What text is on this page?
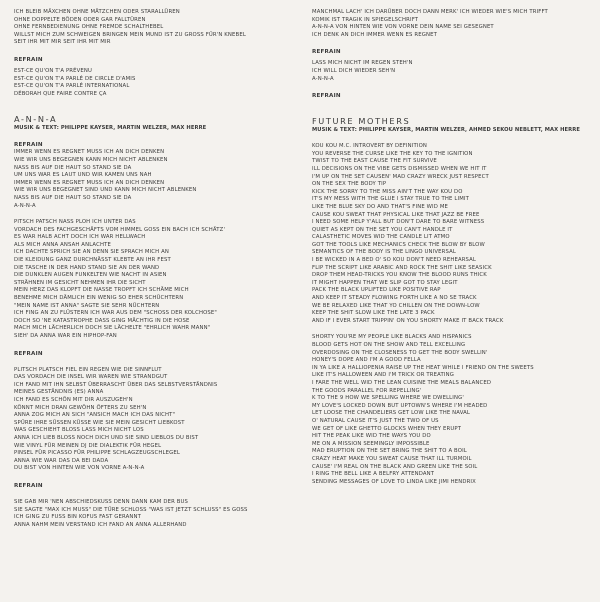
ICH BLEIB MÄXCHEN OHNE MÄTZCHEN ODER STARALLÜREN
OHNE DOPPELTE BÖDEN ODER GAR FALLTÜREN
OHNE FERNBEDIENUNG OHNE FREMDE SCHALTHEBEL
WILLST MICH ZUM SCHWEIGEN BRINGEN MEIN MUND IST ZU GROSS FÜR'N KNEBEL
SEIT IHR MIT MIR SEIT IHR MIT MIR
REFRAIN
EST-CE QU'ON T'A PRÉVENU
EST-CE QU'ON T'A PARLÉ DE CIRCLE D'AMIS
EST-CE QU'ON T'A PARLÉ INTERNATIONAL
DÉBORAH QUE FAIRE CONTRE ÇA
A-N-N-A
MUSIK & TEXT: PHILIPPE KAYSER, MARTIN WELZER, MAX HERRE
REFRAIN
IMMER WENN ES REGNET MUSS ICH AN DICH DENKEN
WIE WIR UNS BEGEGNEN KANN MICH NICHT ABLENKEN
NASS BIS AUF DIE HAUT SO STAND SIE DA
UM UNS WAR ES LAUT UND WIR KAMEN UNS NAH
IMMER WENN ES REGNET MUSS ICH AN DICH DENKEN
WIE WIR UNS BEGEGNET SIND UND KANN MICH NICHT ABLENKEN
NASS BIS AUF DIE HAUT SO STAND SIE DA
A-N-N-A
PITSCH PATSCH NASS PLOH ICH UNTER DAS
VORDACH DES FACHGESCHÄFTS VOM HIMMEL GOSS EIN BACH ICH SCHÄTZ'
ES WAR HALB ACHT DOCH ICH WAR HELLWACH
ALS MICH ANNA ANSAH ANLACHTE
ICH DACHTE SPRICH SIE AN DENN SIE SPRACH MICH AN
DIE KLEIDUNG GANZ DURCHNÄSST KLEBTE AN IHR FEST
DIE TASCHE IN DER HAND STAND SIE AN DER WAND
DIE DUNKLEN AUGEN FUNKELTEN WIE NACHT IN ASIEN
STRÄHNEN IM GESICHT NEHMEN IHR DIE SICHT
MEIN HERZ DAS KLOPFT DIE NASSE TROPFT ICH SCHÄME MICH
BENEHME MICH DÄMLICH EIN WENIG SO EHER SCHÜCHTERN
"MEIN NAME IST ANNA" SAGTE SIE SEHR NÜCHTERN
ICH FING AN ZU FLÜSTERN ICH WAR AUS DEM "SCHOSS DER KOLCHOSE"
DOCH SO 'NE KATASTROPHE DASS GING MÄCHTIG IN DIE HOSE
MACH MICH LÄCHERLICH DOCH SIE LÄCHELTE "EHRLICH WAHR MANN"
SIEH' DA ANNA WAR EIN HIPHOP-FAN
REFRAIN
PLITSCH PLATSCH FIEL EIN REGEN WIE DIE SINNFLUT
DAS VORDACH DIE INSEL WIR WAREN WIE STRANDGUT
ICH FAND MIT IHN SELBST ÜBERRASCHT ÜBER DAS SELBSTVERSTÄNDNIS
MEINES GESTÄNDNIS (ES) ANNA
ICH FAND ES SCHÖN MIT DIR AUSZUGEH'N
KÖNNT MICH DRAN GEWÖHN ÖFTERS ZU SEH'N
ANNA ZOG MICH AN SICH "ANSICH MACH ICH DAS NICHT"
SPÜRE IHRE SÜSSEN KÜSSE WIE SIE MEIN GESICHT LIEBKOST
WAS GESCHIEHT BLOSS LASS MICH NICHT LOS
ANNA ICH LIEB BLOSS NOCH DICH UND SIE SIND LIEBLOS DU BIST
WIE VINYL FÜR MEINEN DJ DIE DIALEKTIK FÜR HEGEL
PINSEL FÜR PICASSO FÜR PHILIPPE SCHLAGZEUGSCHLEGEL
ANNA WIE WAR DAS DA BEI DADA
DU BIST VON HINTEN WIE VON VORNE A-N-N-A
REFRAIN
SIE GAB MIR 'NEN ABSCHIEDSKUSS DENN DANN KAM DER BUS
SIE SAGTE "MAX ICH MUSS" DIE TÜRE SCHLOSS "WAS IST JETZT SCHLUSS" ES GOSS
ICH GING ZU FUSS BIN KOFUS FAST GERANNT
ANNA NAHM MEIN VERSTAND ICH FAND AN ANNA ALLERHAND
MANCHMAL LACH' ICH DARÜBER DOCH DANN MERK' ICH WIEDER WIE'S MICH TRIFFT
KOMIK IST TRAGIK IN SPIEGELSCHRIFT
A-N-N-A VON HINTEN WIE VON VORNE DEIN NAME SEI GESEGNET
ICH DENK AN DICH IMMER WENN ES REGNET
REFRAIN
LASS MICH NICHT IM REGEN STEH'N
ICH WILL DICH WIEDER SEH'N
A-N-N-A
REFRAIN
FUTURE MOTHERS
MUSIK & TEXT: PHILIPPE KAYSER, MARTIN WELZER, AHMED SEKOU NEBLETT, MAX HERRE
KOU KOU M.C. INTROVERT BY DEFINITION
YOU REVERSE THE CURSE LIKE THE KEY TO THE IGNITION
TWIST TO THE EAST CAUSE THE FIT SURVIVE
ILL DECISIONS ON THE VIBE GETS DISMISSED WHEN WE HIT IT
I'M UP ON THE SET CAUSEN' MAD CRAZY WRECK JUST RESPECT
ON THE SEX THE BODY TIP
KICK THE SORRY TO THE MISS AIN'T THE WAY KOU DO
IT'S MY MESS WITH THE GLUE I STAY TRUE TO THE LIMIT
LIKE THE BLUE SKY DO AND THAT'S FINE WID ME
CAUSE KOU SWEAT THAT PHYSICAL LIKE THAT JAZZ BE FREE
I NEED SOME HELP Y'ALL BUT DON'T DARE TO BARE WITNESS
QUIET AS KEPT ON THE SET YOU CAN'T HANDLE IT
CALASTHETIC MOVES WID THE CANDLE LIT ATMO
GOT THE TOOLS LIKE MECHANICS CHECK THE BLOW BY BLOW
SEMANTICS OF THE BODY IS THE LINGO UNIVERSAL
I BE WICKED IN A BED O' SO KOU DON'T NEED REHEARSAL
FLIP THE SCRIPT LIKE ARABIC AND ROCK THE SHIT LIKE SEASICK
DROP THEM HEAD-TRICKS YOU KNOW THE BLOOD RUNS THICK
IT MIGHT HAPPEN THAT WE SLIP GOT TO STAY LEGIT
PACK THE BLACK UPLIFTED LIKE POSITIVE RAP
AND KEEP IT STEADY FLOWING FORTH LIKE A NO SE TRACK
WE BE RELAXED LIKE THAT YO CHILLEN ON THE DOWN-LOW
KEEP THE SHIT SLOW LIKE THE LATE 3 PACK
AND IF I EVER START TRIPPIN' ON YOU SHORTY MAKE IT BACK TRACK
SHORTY YOU'RE MY PEOPLE LIKE BLACKS AND HISPANICS
BLOOD GETS HOT ON THE SHOW AND TELL EXCELLING
OVERDOSING ON THE CLOSENESS TO GET THE BODY SWELLIN'
HONEY'S DOPE AND I'M A GOOD FELLA
IN YA LIKE A HALLIOPENIA RAISE UP THE HEAT WHILE I FRIEND ON THE SWEETS
LIKE IT'S HALLOWEEN AND I'M TRICK OR TREATING
I FARE THE WELL WID THE LEAN CUISINE THE MEALS BALANCED
THE GOODS PARALLEL FOR REPELLING'
K TO THE 9 HOW WE SPELLING WHERE WE DWELLING'
MY LOVE'S LOCKED DOWN BUT UPTOWN'S WHERE I'M HEADED
LET LOOSE THE CHANDELIERS GET LOW LIKE THE NAVAL
O' NATURAL CAUSE IT'S JUST THE TWO OF US
WE GET OF LIKE GHETTO GLOCKS WHEN THEY ERUPT
HIT THE PEAK LIKE WID THE WAYS YOU DO
ME ON A MISSION SEEMINGLY IMPOSSIBLE
MAD ERUPTION ON THE SET BRING THE SHIT TO A BOIL
CRAZY HEAT MAKE YOU SWEAT CAUSE THAT ILL TURMOIL
CAUSE' I'M REAL ON THE BLACK AND GREEN LIKE THE SOIL
I RING THE BELL LIKE A BELFRY ATTENDANT
SENDING MESSAGES OF LOVE TO LINDA LIKE JIMI HENDRIX
